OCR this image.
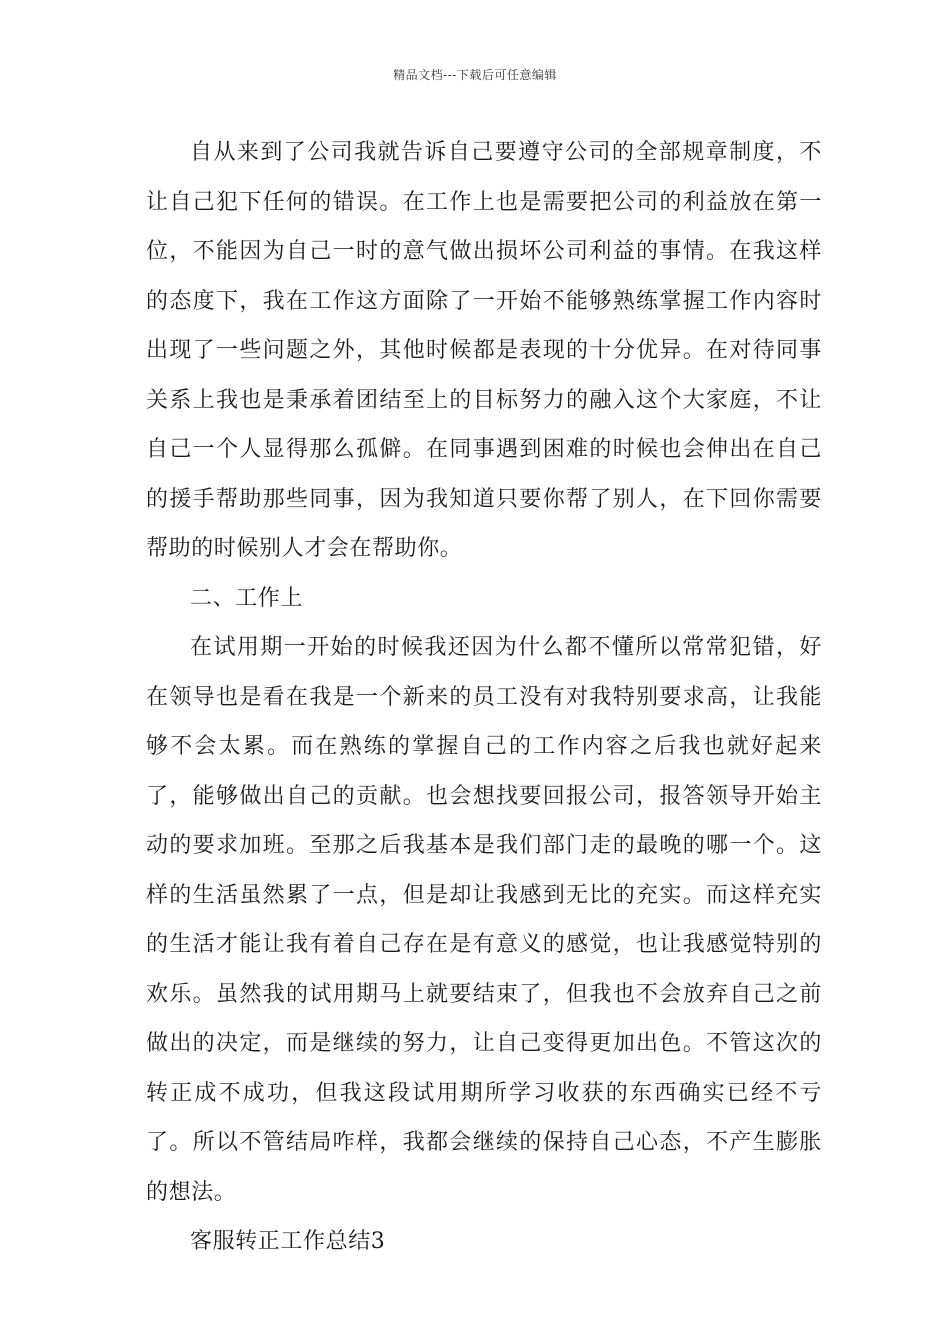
精品文档---下载后可任意编辑

自从来到了公司我就告诉自己要遵守公司的全部规章制度，不让自己犯下任何的错误。在工作上也是需要把公司的利益放在第一位，不能因为自己一时的意气做出损坏公司利益的事情。在我这样的态度下，我在工作这方面除了一开始不能够熟练掌握工作内容时出现了一些问题之外，其他时候都是表现的十分优异。在对待同事关系上我也是秉承着团结至上的目标努力的融入这个大家庭，不让自己一个人显得那么孤僻。在同事遇到困难的时候也会伸出在自己的援手帮助那些同事，因为我知道只要你帮了别人，在下回你需要帮助的时候别人才会在帮助你。

二、工作上

在试用期一开始的时候我还因为什么都不懂所以常常犯错，好在领导也是看在我是一个新来的员工没有对我特别要求高，让我能够不会太累。而在熟练的掌握自己的工作内容之后我也就好起来了，能够做出自己的贡献。也会想找要回报公司，报答领导开始主动的要求加班。至那之后我基本是我们部门走的最晚的哪一个。这样的生活虽然累了一点，但是却让我感到无比的充实。而这样充实的生活才能让我有着自己存在是有意义的感觉，也让我感觉特别的欢乐。虽然我的试用期马上就要结束了，但我也不会放弃自己之前做出的决定，而是继续的努力，让自己变得更加出色。不管这次的转正成不成功，但我这段试用期所学习收获的东西确实已经不亏了。所以不管结局咋样，我都会继续的保持自己心态，不产生膨胀的想法。

客服转正工作总结3
